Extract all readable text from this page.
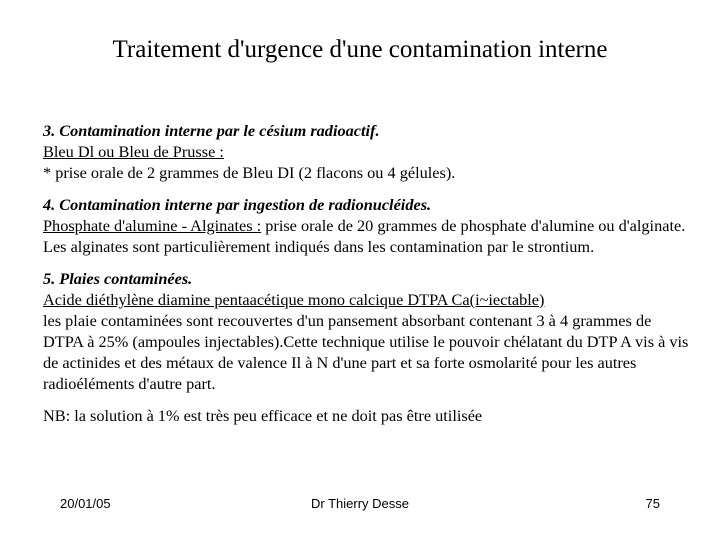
Traitement d'urgence d'une contamination interne

3. Contamination interne par le césium radioactif.

Bleu Dl ou Bleu de Prusse :

* prise orale de 2 grammes de Bleu DI (2 flacons ou 4 gélules).

4. Contamination interne par ingestion de radionucléides.

Phosphate d'alumine - Alginates : prise orale de 20 grammes de phosphate d'alumine ou d'alginate. Les alginates sont particulièrement indiqués dans les contamination par le strontium.

5. Plaies contaminées.

Acide diéthylène diamine pentaacétique mono calcique DTPA Ca(i~iectable)

les plaie contaminées sont recouvertes d'un pansement absorbant contenant 3 à 4 grammes de DTPA à 25% (ampoules injectables).Cette technique utilise le pouvoir chélatant du DTP A vis à vis de actinides et des métaux de valence Il à N d'une part et sa forte osmolarité pour les autres radioéléments d'autre part.

NB: la solution à 1% est très peu efficace et ne doit pas être utilisée

20/01/05	Dr Thierry Desse	75
